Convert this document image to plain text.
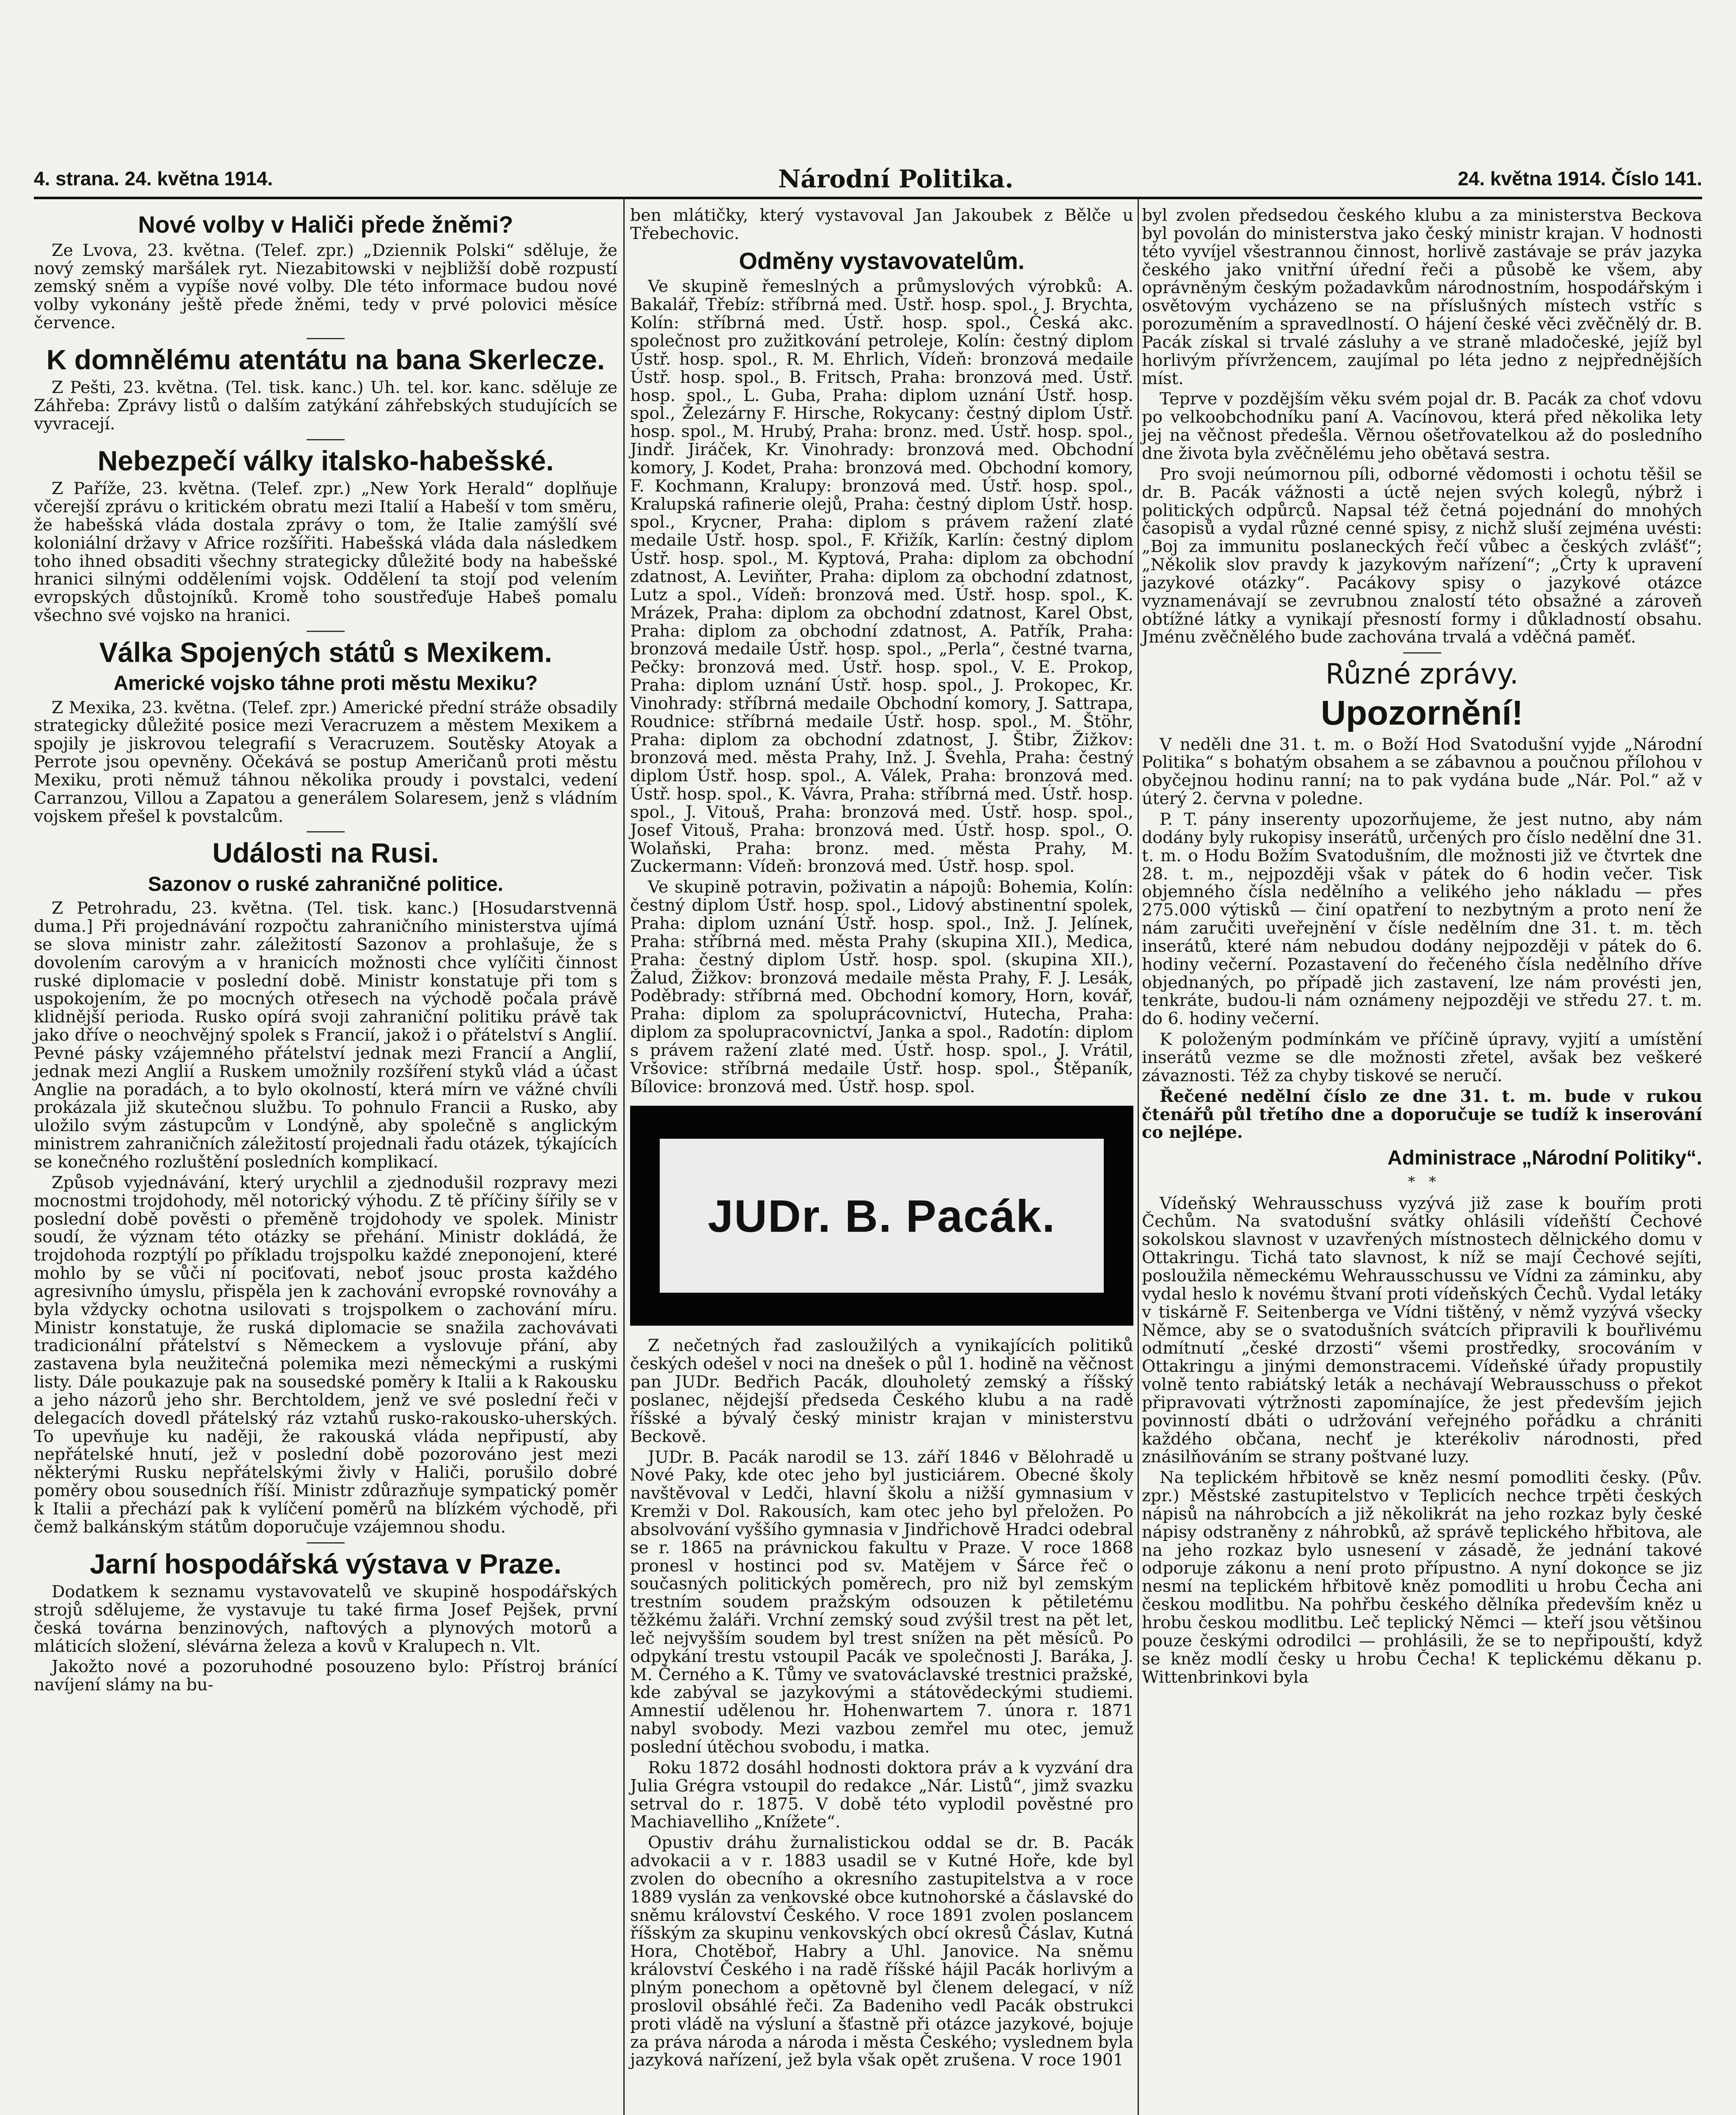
4. strana. 24. května 1914.	Národní Politika.	24. května 1914. Číslo 141.
Nové volby v Haliči přede žněmi?

Ze Lvova, 23. května. (Telef. zpr.) „Dziennik Polski“ sděluje, že nový zemský maršálek ryt. Niezabitowski v nejbližší době rozpustí zemský sněm a vypíše nové volby. Dle této informace budou nové volby vykonány ještě přede žněmi, tedy v prvé polovici měsíce července.

K domnělému atentátu na bana Skerlecze.

Z Pešti, 23. května. (Tel. tisk. kanc.) Uh. tel. kor. kanc. sděluje ze Záhřeba: Zprávy listů o dalším zatýkání záhřebských studujících se vyvracejí.

Nebezpečí války italsko-habešské.

Z Paříže, 23. května. (Telef. zpr.) „New York Herald“ doplňuje včerejší zprávu o kritickém obratu mezi Italií a Habeší v tom směru, že habešská vláda dostala zprávy o tom, že Italie zamýšlí své koloniální državy v Africe rozšířiti. Habešská vláda dala následkem toho ihned obsaditi všechny strategicky důležité body na habešské hranici silnými odděleními vojsk. Oddělení ta stojí pod velením evropských důstojníků. Kromě toho soustřeďuje Habeš pomalu všechno své vojsko na hranici.

Válka Spojených států s Mexikem.
Americké vojsko táhne proti městu Mexiku?

Z Mexika, 23. května. (Telef. zpr.) Americké přední stráže obsadily strategicky důležité posice mezi Veracruzem a městem Mexikem a spojily je jiskrovou telegrafií s Veracruzem. Soutěsky Atoyak a Perrote jsou opevněny. Očekává se postup Američanů proti městu Mexiku, proti němuž táhnou několika proudy i povstalci, vedení Carranzou, Villou a Zapatou a generálem Solaresem, jenž s vládním vojskem přešel k povstalcům.

Události na Rusi.
Sazonov o ruské zahraničné politice.

Z Petrohradu, 23. května. (Tel. tisk. kanc.) [Hosudarstvennä duma.] Při projednávání rozpočtu zahraničního ministerstva ujímá se slova ministr zahr. záležitostí Sazonov a prohlašuje, že s dovolením carovým a v hranicích možnosti chce vylíčiti činnost ruské diplomacie v poslední době. Ministr konstatuje při tom s uspokojením, že po mocných otřesech na východě počala právě klidnější perioda. Rusko opírá svoji zahraniční politiku právě tak jako dříve o neochvějný spolek s Francií, jakož i o přátelství s Anglií. Pevné pásky vzájemného přátelství jednak mezi Francií a Anglií, jednak mezi Anglií a Ruskem umožnily rozšíření styků vlád a účast Anglie na poradách, a to bylo okolností, která mírn ve vážné chvíli prokázala již skutečnou službu. To pohnulo Francii a Rusko, aby uložilo svým zástupcům v Londýně, aby společně s anglickým ministrem zahraničních záležitostí projednali řadu otázek, týkajících se konečného rozluštění posledních komplikací.

Způsob vyjednávání, který urychlil a zjednodušil rozpravy mezi mocnostmi trojdohody, měl notorický výhodu. Z tě příčiny šířily se v poslední době pověsti o přeměně trojdohody ve spolek. Ministr soudí, že význam této otázky se přehání. Ministr dokládá, že trojdohoda rozptýlí po příkladu trojspolku každé zneponojení, které mohlo by se vůči ní pociťovati, neboť jsouc prosta každého agresivního úmyslu, přispěla jen k zachování evropské rovnováhy a byla vždycky ochotna usilovati s trojspolkem o zachování míru. Ministr konstatuje, že ruská diplomacie se snažila zachovávati tradicionální přátelství s Německem a vyslovuje přání, aby zastavena byla neužitečná polemika mezi německými a ruskými listy. Dále poukazuje pak na sousedské poměry k Italii a k Rakousku a jeho názorů jeho shr. Berchtoldem, jenž ve své poslední řeči v delegacích dovedl přátelský ráz vztahů rusko-rakousko-uherských. To upevňuje ku naději, že rakouská vláda nepřipustí, aby nepřátelské hnutí, jež v poslední době pozorováno jest mezi některými Rusku nepřátelskými živly v Haliči, porušilo dobré poměry obou sousedních říší. Ministr zdůrazňuje sympatický poměr k Italii a přechází pak k vylíčení poměrů na blízkém východě, při čemž balkánským státům doporučuje vzájemnou shodu.

Jarní hospodářská výstava v Praze.

Dodatkem k seznamu vystavovatelů ve skupině hospodářských strojů sdělujeme, že vystavuje tu také firma Josef Pejšek, první česká továrna benzinových, naftových a plynových motorů a mláticích složení, slévárna železa a kovů v Kralupech n. Vlt.

Jakožto nové a pozoruhodné posouzeno bylo: Přístroj bránící navíjení slámy na bu-

ben mlátičky, který vystavoval Jan Jakoubek z Bělče u Třebechovic.

Odměny vystavovatelům.

Ve skupině řemeslných a průmyslových výrobků: A. Bakalář, Třebíz: stříbrná med. Ústř. hosp. spol., J. Brychta, Kolín: stříbrná med. Ústř. hosp. spol., Česká akc. společnost pro zužitkování petroleje, Kolín: čestný diplom Ústř. hosp. spol., R. M. Ehrlich, Vídeň: bronzová medaile Ústř. hosp. spol., B. Fritsch, Praha: bronzová med. Ústř. hosp. spol., L. Guba, Praha: diplom uznání Ústř. hosp. spol., Železárny F. Hirsche, Rokycany: čestný diplom Ústř. hosp. spol., M. Hrubý, Praha: bronz. med. Ústř. hosp. spol., Jindř. Jiráček, Kr. Vinohrady: bronzová med. Obchodní komory, J. Kodet, Praha: bronzová med. Obchodní komory, F. Kochmann, Kralupy: bronzová med. Ústř. hosp. spol., Kralupská rafinerie olejů, Praha: čestný diplom Ústř. hosp. spol., Krycner, Praha: diplom s právem ražení zlaté medaile Ústř. hosp. spol., F. Křižík, Karlín: čestný diplom Ústř. hosp. spol., M. Kyptová, Praha: diplom za obchodní zdatnost, A. Leviňter, Praha: diplom za obchodní zdatnost, Lutz a spol., Vídeň: bronzová med. Ústř. hosp. spol., K. Mrázek, Praha: diplom za obchodní zdatnost, Karel Obst, Praha: diplom za obchodní zdatnost, A. Patřík, Praha: bronzová medaile Ústř. hosp. spol., „Perla“, čestné tvarna, Pečky: bronzová med. Ústř. hosp. spol., V. E. Prokop, Praha: diplom uznání Ústř. hosp. spol., J. Prokopec, Kr. Vinohrady: stříbrná medaile Obchodní komory, J. Sattrapa, Roudnice: stříbrná medaile Ústř. hosp. spol., M. Štöhr, Praha: diplom za obchodní zdatnost, J. Štibr, Žižkov: bronzová med. města Prahy, Inž. J. Švehla, Praha: čestný diplom Ústř. hosp. spol., A. Válek, Praha: bronzová med. Ústř. hosp. spol., K. Vávra, Praha: stříbrná med. Ústř. hosp. spol., J. Vitouš, Praha: bronzová med. Ústř. hosp. spol., Josef Vitouš, Praha: bronzová med. Ústř. hosp. spol., O. Wolaňski, Praha: bronz. med. města Prahy, M. Zuckermann: Vídeň: bronzová med. Ústř. hosp. spol.

Ve skupině potravin, poživatin a nápojů: Bohemia, Kolín: čestný diplom Ústř. hosp. spol., Lidový abstinentní spolek, Praha: diplom uznání Ústř. hosp. spol., Inž. J. Jelínek, Praha: stříbrná med. města Prahy (skupina XII.), Medica, Praha: čestný diplom Ústř. hosp. spol. (skupina XII.), Žalud, Žižkov: bronzová medaile města Prahy, F. J. Lesák, Poděbrady: stříbrná med. Obchodní komory, Horn, kovář, Praha: diplom za spoluprácovnictví, Hutecha, Praha: diplom za spolupracovnictví, Janka a spol., Radotín: diplom s právem ražení zlaté med. Ústř. hosp. spol., J. Vrátil, Vršovice: stříbrná medaile Ústř. hosp. spol., Štěpaník, Bílovice: bronzová med. Ústř. hosp. spol.

JUDr. B. Pacák.

Z nečetných řad zasloužilých a vynikajících politiků českých odešel v noci na dnešek o půl 1. hodině na věčnost pan JUDr. Bedřich Pacák, dlouholetý zemský a říšský poslanec, nějdejší předseda Českého klubu a na radě říšské a bývalý český ministr krajan v ministerstvu Beckově.

JUDr. B. Pacák narodil se 13. září 1846 v Bělohradě u Nové Paky, kde otec jeho byl justiciárem. Obecné školy navštěvoval v Ledči, hlavní školu a nižší gymnasium v Kremži v Dol. Rakousích, kam otec jeho byl přeložen. Po absolvování vyššího gymnasia v Jindřichově Hradci odebral se r. 1865 na právnickou fakultu v Praze. V roce 1868 pronesl v hostinci pod sv. Matějem v Šárce řeč o současných politických poměrech, pro niž byl zemským trestním soudem pražským odsouzen k pětiletému těžkému žaláři. Vrchní zemský soud zvýšil trest na pět let, leč nejvyšším soudem byl trest snížen na pět měsíců. Po odpykání trestu vstoupil Pacák ve společnosti J. Baráka, J. M. Černého a K. Tůmy ve svatováclavské trestnici pražské, kde zabýval se jazykovými a státovědeckými studiemi. Amnestií udělenou hr. Hohenwartem 7. února r. 1871 nabyl svobody. Mezi vazbou zemřel mu otec, jemuž poslední útěchou svobodu, i matka.

Roku 1872 dosáhl hodnosti doktora práv a k vyzvání dra Julia Grégra vstoupil do redakce „Nár. Listů“, jimž svazku setrval do r. 1875. V době této vyplodil pověstné pro Machiavelliho „Knížete“.

Opustiv dráhu žurnalistickou oddal se dr. B. Pacák advokacii a v r. 1883 usadil se v Kutné Hoře, kde byl zvolen do obecního a okresního zastupitelstva a v roce 1889 vyslán za venkovské obce kutnohorské a čáslavské do sněmu království Českého. V roce 1891 zvolen poslancem říšským za skupinu venkovských obcí okresů Čáslav, Kutná Hora, Chotěboř, Habry a Uhl. Janovice. Na sněmu království Českého i na radě říšské hájil Pacák horlivým a plným ponechom a opětovně byl členem delegací, v níž proslovil obsáhlé řeči. Za Badeniho vedl Pacák obstrukci proti vládě na výsluní a šťastně při otázce jazykové, bojuje za práva národa a národa i města Českého; vyslednem byla jazyková nařízení, jež byla však opět zrušena. V roce 1901

byl zvolen předsedou českého klubu a za ministerstva Beckova byl povolán do ministerstva jako český ministr krajan. V hodnosti této vyvíjel všestrannou činnost, horlivě zastávaje se práv jazyka českého jako vnitřní úřední řeči a působě ke všem, aby oprávněným českým požadavkům národnostním, hospodářským i osvětovým vycházeno se na příslušných místech vstříc s porozuměním a spravedlností. O hájení české věci zvěčnělý dr. B. Pacák získal si trvalé zásluhy a ve straně mladočeské, jejíž byl horlivým přívržencem, zaujímal po léta jedno z nejpřednějších míst.

Teprve v pozdějším věku svém pojal dr. B. Pacák za choť vdovu po velkoobchodníku paní A. Vacínovou, která před několika lety jej na věčnost předešla. Věrnou ošetřovatelkou až do posledního dne života byla zvěčnělému jeho obětavá sestra.

Pro svoji neúmornou píli, odborné vědomosti i ochotu těšil se dr. B. Pacák vážnosti a úctě nejen svých kolegů, nýbrž i politických odpůrců. Napsal též četná pojednání do mnohých časopisů a vydal různé cenné spisy, z nichž sluší zejména uvésti: „Boj za immunitu poslaneckých řečí vůbec a českých zvlášť“; „Několik slov pravdy k jazykovým nařízení“; „Črty k upravení jazykové otázky“. Pacákovy spisy o jazykové otázce vyznamenávají se zevrubnou znalostí této obsažné a zároveň obtížné látky a vynikají přesností formy i důkladností obsahu. Jménu zvěčnělého bude zachována trvalá a vděčná paměť.

Různé zprávy.
Upozornění!

V neděli dne 31. t. m. o Boží Hod Svatodušní vyjde „Národní Politika“ s bohatým obsahem a se zábavnou a poučnou přílohou v obyčejnou hodinu ranní; na to pak vydána bude „Nár. Pol.“ až v úterý 2. června v poledne.

P. T. pány inserenty upozorňujeme, že jest nutno, aby nám dodány byly rukopisy inserátů, určených pro číslo nedělní dne 31. t. m. o Hodu Božím Svatodušním, dle možnosti již ve čtvrtek dne 28. t. m., nejpozději však v pátek do 6 hodin večer. Tisk objemného čísla nedělního a velikého jeho nákladu — přes 275.000 výtisků — činí opatření to nezbytným a proto není že nám zaručiti uveřejnění v čísle nedělním dne 31. t. m. těch inserátů, které nám nebudou dodány nejpozději v pátek do 6. hodiny večerní. Pozastavení do řečeného čísla nedělního dříve objednaných, po případě jich zastavení, lze nám provésti jen, tenkráte, budou-li nám oznámeny nejpozději ve středu 27. t. m. do 6. hodiny večerní.

K položeným podmínkám ve příčině úpravy, vyjití a umístění inserátů vezme se dle možnosti zřetel, avšak bez veškeré závaznosti. Též za chyby tiskové se neručí.

Řečené nedělní číslo ze dne 31. t. m. bude v rukou čtenářů půl třetího dne a doporučuje se tudíž k inserování co nejlépe.

Administrace „Národní Politiky“.
*   *

Vídeňský Wehrausschuss vyzývá již zase k bouřím proti Čechům. Na svatodušní svátky ohlásili vídeňští Čechové sokolskou slavnost v uzavřených místnostech dělnického domu v Ottakringu. Tichá tato slavnost, k níž se mají Čechové sejíti, posloužila německému Wehrausschussu ve Vídni za záminku, aby vydal heslo k novému štvaní proti vídeňských Čechů. Vydal letáky v tiskárně F. Seitenberga ve Vídni tištěný, v němž vyzývá všecky Němce, aby se o svatodušních svátcích připravili k bouřlivému odmítnutí „české drzosti“ všemi prostředky, srocováním v Ottakringu a jinými demonstracemi. Vídeňské úřady propustily volně tento rabiátský leták a nechávají Webrausschuss o překot připravovati výtržnosti zapomínajíce, že jest především jejich povinností dbáti o udržování veřejného pořádku a chrániti každého občana, nechť je kterékoliv národnosti, před znásilňováním se strany poštvané luzy.

Na teplickém hřbitově se kněz nesmí pomodliti česky. (Pův. zpr.) Městské zastupitelstvo v Teplicích nechce trpěti českých nápisů na náhrobcích a již několikrát na jeho rozkaz byly české nápisy odstraněny z náhrobků, až správě teplického hřbitova, ale na jeho rozkaz bylo usnesení v zásadě, že jednání takové odporuje zákonu a není proto přípustno. A nyní dokonce se jiz nesmí na teplickém hřbitově kněz pomodliti u hrobu Čecha ani českou modlitbu. Na pohřbu českého dělníka především kněz u hrobu českou modlitbu. Leč teplický Němci — kteří jsou většinou pouze českými odrodilci — prohlásili, že se to nepřipouští, když se kněz modlí česky u hrobu Čecha! K teplickému děkanu p. Wittenbrinkovi byla
